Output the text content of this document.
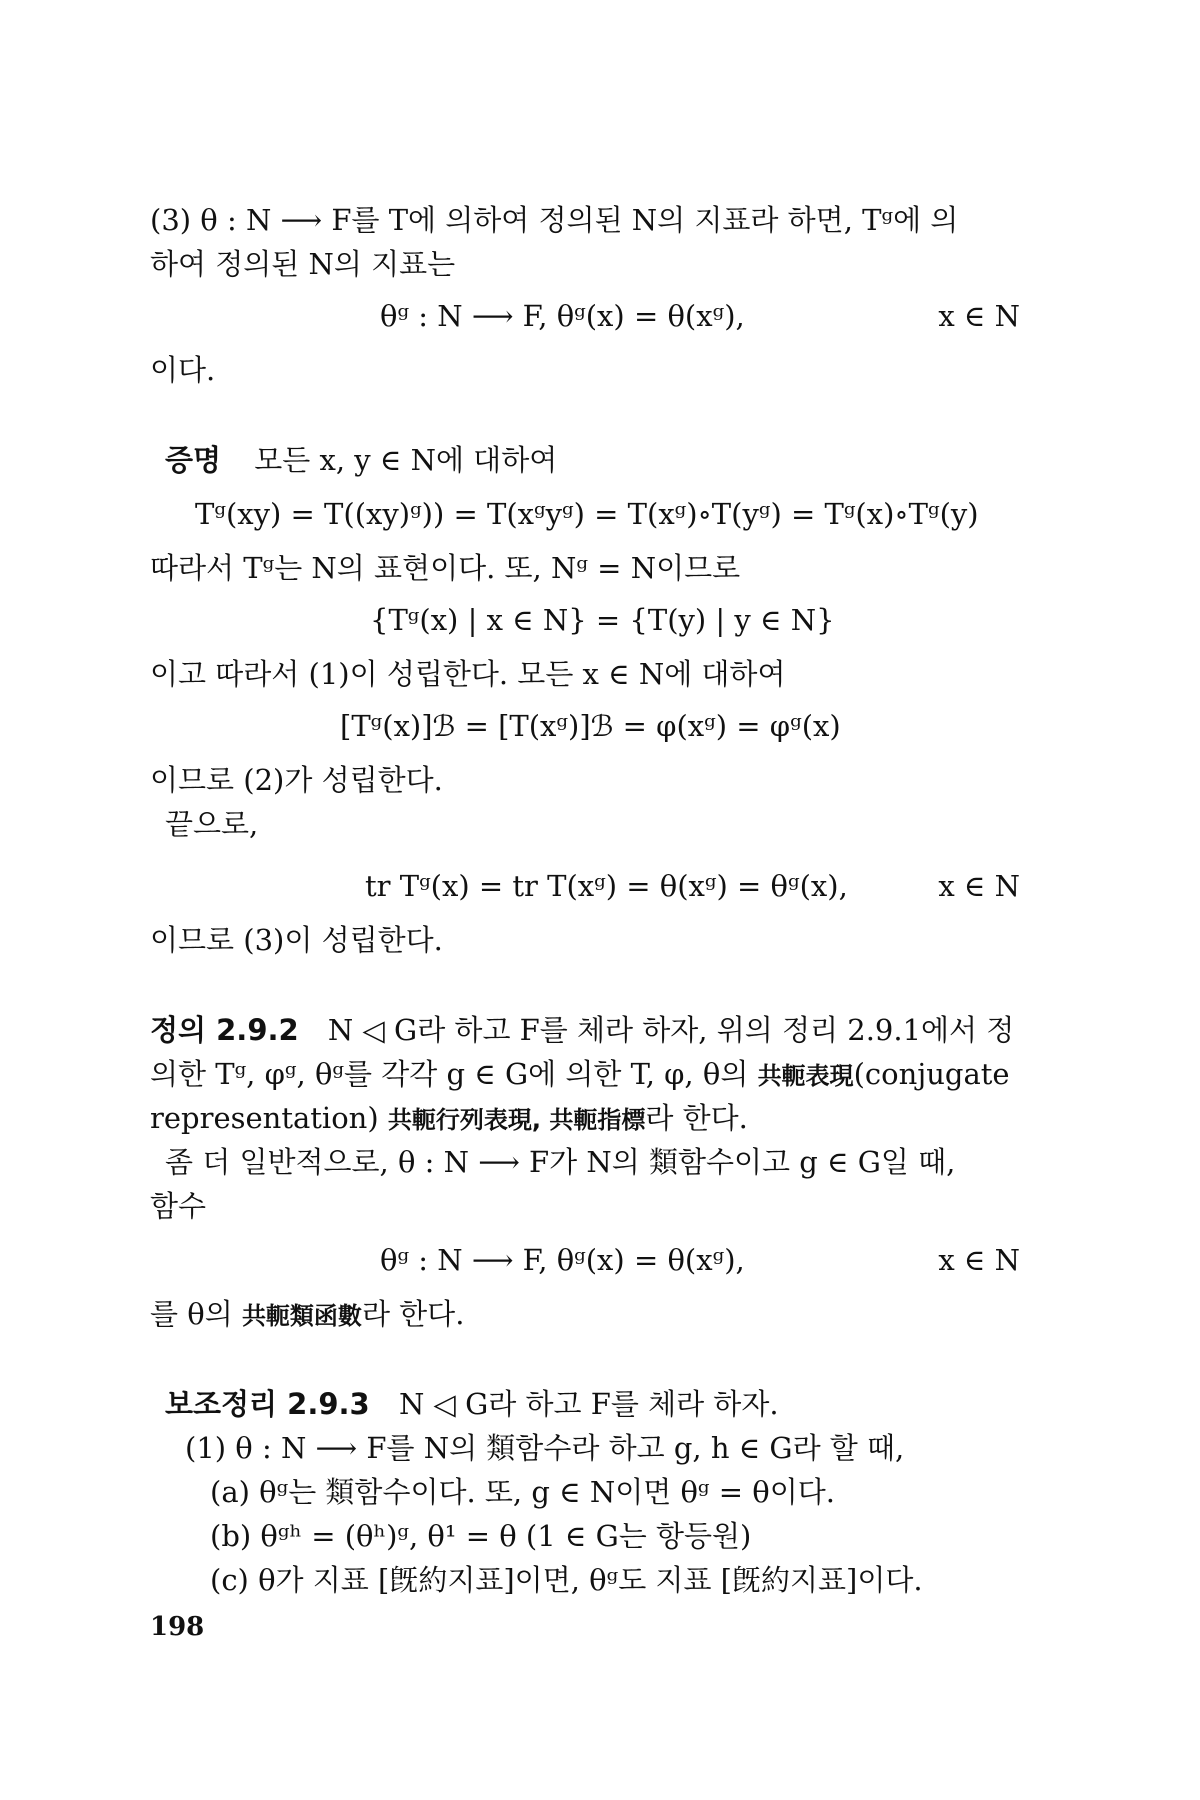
(3) θ : N ⟶ F를 T에 의하여 정의된 N의 지표라 하면, Tᵍ에 의
하여 정의된 N의 지표는
θᵍ : N ⟶ F, θᵍ(x) = θ(xᵍ),	x ∈ N
이다.
증명 모든 x, y ∈ N에 대하여
Tᵍ(xy) = T((xy)ᵍ)) = T(xᵍyᵍ) = T(xᵍ)∘T(yᵍ) = Tᵍ(x)∘Tᵍ(y)
따라서 Tᵍ는 N의 표현이다. 또, Nᵍ = N이므로
{Tᵍ(x) | x ∈ N} = {T(y) | y ∈ N}
이고 따라서 (1)이 성립한다. 모든 x ∈ N에 대하여
[Tᵍ(x)]ℬ = [T(xᵍ)]ℬ = φ(xᵍ) = φᵍ(x)
이므로 (2)가 성립한다.
끝으로,
tr Tᵍ(x) = tr T(xᵍ) = θ(xᵍ) = θᵍ(x),	x ∈ N
이므로 (3)이 성립한다.
정의 2.9.2 N ◁ G라 하고 F를 체라 하자, 위의 정리 2.9.1에서 정
의한 Tᵍ, φᵍ, θᵍ를 각각 g ∈ G에 의한 T, φ, θ의 共軛表現(conjugate
representation) 共軛行列表現, 共軛指標라 한다.
좀 더 일반적으로, θ : N ⟶ F가 N의 類함수이고 g ∈ G일 때,
함수
θᵍ : N ⟶ F, θᵍ(x) = θ(xᵍ),	x ∈ N
를 θ의 共軛類函數라 한다.
보조정리 2.9.3 N ◁ G라 하고 F를 체라 하자.
(1) θ : N ⟶ F를 N의 類함수라 하고 g, h ∈ G라 할 때,
(a) θᵍ는 類함수이다. 또, g ∈ N이면 θᵍ = θ이다.
(b) θᵍʰ = (θʰ)ᵍ, θ¹ = θ (1 ∈ G는 항등원)
(c) θ가 지표 [旣約지표]이면, θᵍ도 지표 [旣約지표]이다.
198
